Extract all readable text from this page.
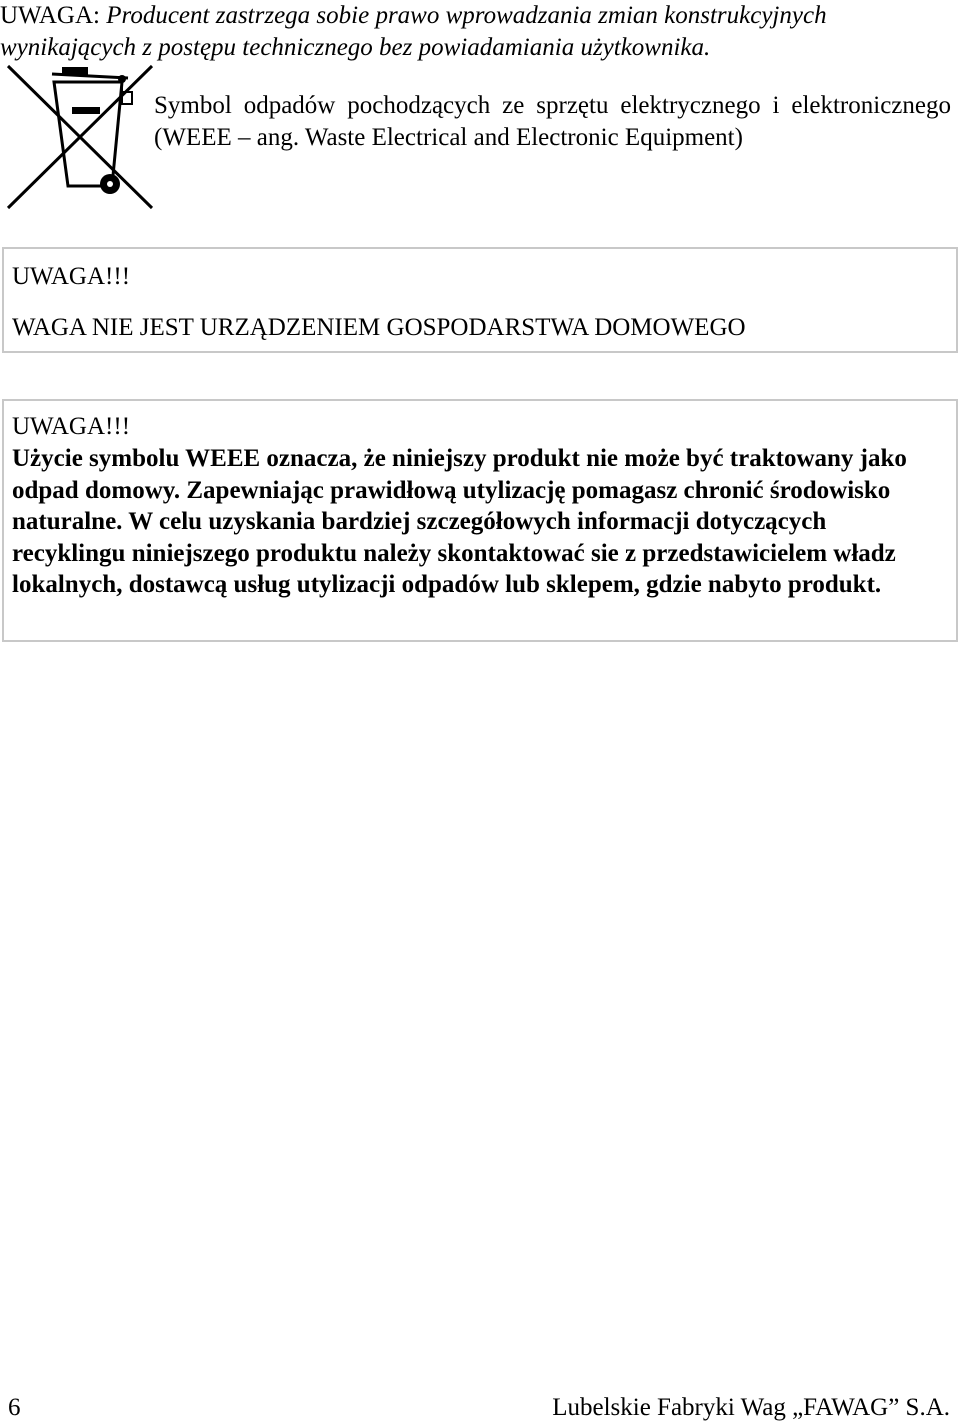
UWAGA: Producent zastrzega sobie prawo wprowadzania zmian konstrukcyjnych wynikających z postępu technicznego bez powiadamiania użytkownika.
Symbol odpadów pochodzących ze sprzętu elektrycznego i elektronicznego (WEEE – ang. Waste Electrical and Electronic Equipment)
UWAGA!!!
WAGA NIE JEST URZĄDZENIEM GOSPODARSTWA DOMOWEGO
UWAGA!!!
Użycie symbolu WEEE oznacza, że niniejszy produkt nie może być traktowany jako odpad domowy. Zapewniając prawidłową utylizację pomagasz chronić środowisko naturalne. W celu uzyskania bardziej szczegółowych informacji dotyczących recyklingu niniejszego produktu należy skontaktować sie z przedstawicielem władz lokalnych, dostawcą usług utylizacji odpadów lub sklepem, gdzie nabyto produkt.
6	Lubelskie Fabryki Wag „FAWAG” S.A.
